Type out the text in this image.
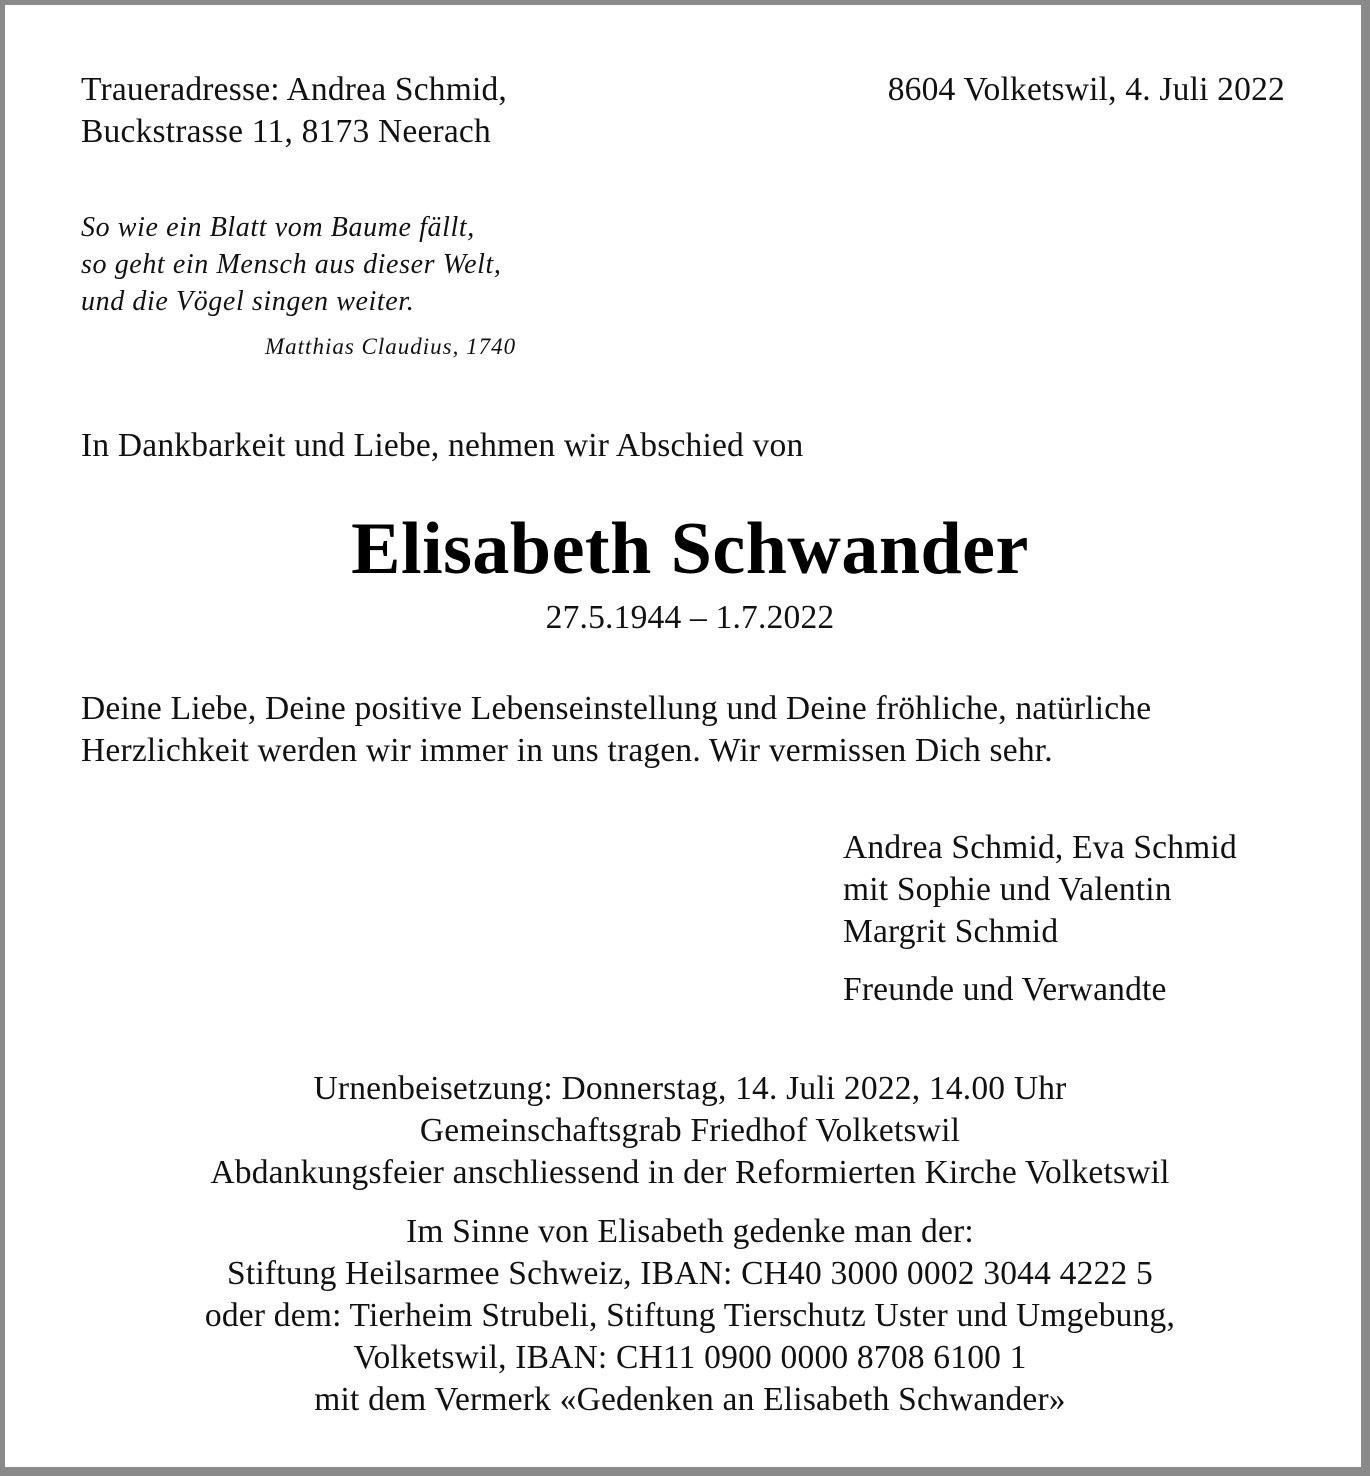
Traueradresse: Andrea Schmid,
Buckstrasse 11, 8173 Neerach
8604 Volketswil, 4. Juli 2022
So wie ein Blatt vom Baume fällt,
so geht ein Mensch aus dieser Welt,
und die Vögel singen weiter.
Matthias Claudius, 1740
In Dankbarkeit und Liebe, nehmen wir Abschied von
Elisabeth Schwander
27.5.1944 – 1.7.2022
Deine Liebe, Deine positive Lebenseinstellung und Deine fröhliche, natürliche
Herzlichkeit werden wir immer in uns tragen. Wir vermissen Dich sehr.
Andrea Schmid, Eva Schmid
mit Sophie und Valentin
Margrit Schmid
Freunde und Verwandte
Urnenbeisetzung: Donnerstag, 14. Juli 2022, 14.00 Uhr
Gemeinschaftsgrab Friedhof Volketswil
Abdankungsfeier anschliessend in der Reformierten Kirche Volketswil
Im Sinne von Elisabeth gedenke man der:
Stiftung Heilsarmee Schweiz, IBAN: CH40 3000 0002 3044 4222 5
oder dem: Tierheim Strubeli, Stiftung Tierschutz Uster und Umgebung,
Volketswil, IBAN: CH11 0900 0000 8708 6100 1
mit dem Vermerk «Gedenken an Elisabeth Schwander»
